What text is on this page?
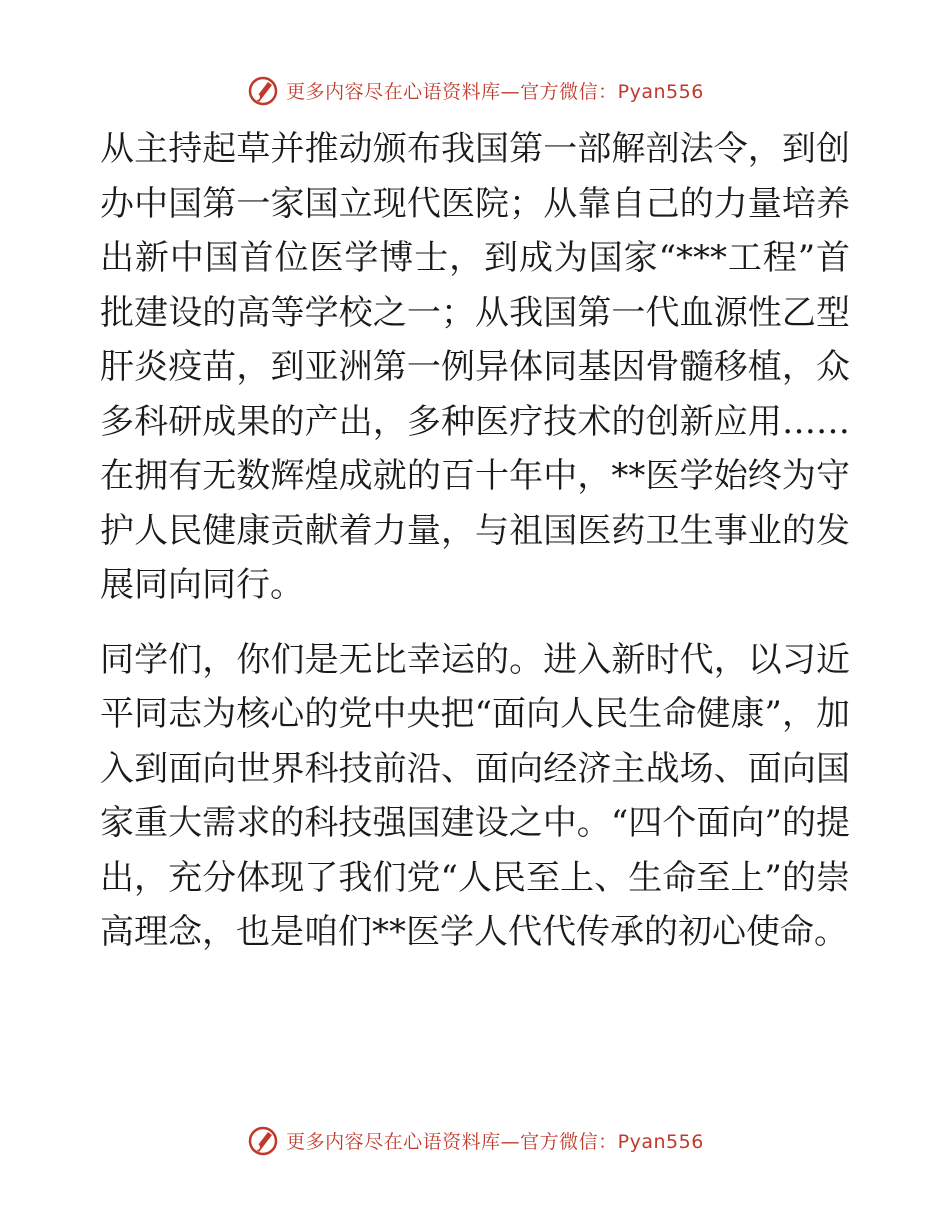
更多内容尽在心语资料库—官方微信：Pyan556

从主持起草并推动颁布我国第一部解剖法令，到创办中国第一家国立现代医院；从靠自己的力量培养出新中国首位医学博士，到成为国家“***工程”首批建设的高等学校之一；从我国第一代血源性乙型肝炎疫苗，到亚洲第一例异体同基因骨髓移植，众多科研成果的产出，多种医疗技术的创新应用……在拥有无数辉煌成就的百十年中，**医学始终为守护人民健康贡献着力量，与祖国医药卫生事业的发展同向同行。

同学们，你们是无比幸运的。进入新时代，以习近平同志为核心的党中央把“面向人民生命健康”，加入到面向世界科技前沿、面向经济主战场、面向国家重大需求的科技强国建设之中。“四个面向”的提出，充分体现了我们党“人民至上、生命至上”的崇高理念，也是咱们**医学人代代传承的初心使命。

更多内容尽在心语资料库—官方微信：Pyan556
